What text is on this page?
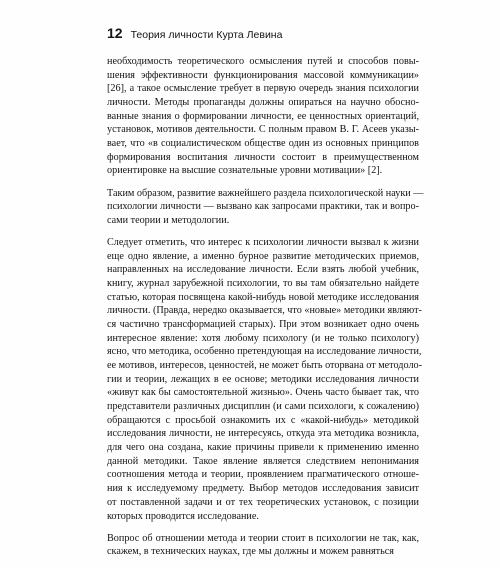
12 Теория личности Курта Левина
необходимость теоретического осмысления путей и способов повы-
шения эффективности функционирования массовой коммуникации»
[26], а такое осмысление требует в первую очередь знания психологии
личности. Методы пропаганды должны опираться на научно обосно-
ванные знания о формировании личности, ее ценностных ориентаций,
установок, мотивов деятельности. С полным правом В. Г. Асеев указы-
вает, что «в социалистическом обществе один из основных принципов
формирования воспитания личности состоит в преимущественном
ориентировке на высшие сознательные уровни мотивации» [2].
Таким образом, развитие важнейшего раздела психологической науки —
психологии личности — вызвано как запросами практики, так и вопро-
сами теории и методологии.
Следует отметить, что интерес к психологии личности вызвал к жизни
еще одно явление, а именно бурное развитие методических приемов,
направленных на исследование личности. Если взять любой учебник,
книгу, журнал зарубежной психологии, то вы там обязательно найдете
статью, которая посвящена какой-нибудь новой методике исследования
личности. (Правда, нередко оказывается, что «новые» методики являют-
ся частично трансформацией старых). При этом возникает одно очень
интересное явление: хотя любому психологу (и не только психологу)
ясно, что методика, особенно претендующая на исследование личности,
ее мотивов, интересов, ценностей, не может быть оторвана от методоло-
гии и теории, лежащих в ее основе; методики исследования личности
«живут как бы самостоятельной жизнью». Очень часто бывает так, что
представители различных дисциплин (и сами психологи, к сожалению)
обращаются с просьбой ознакомить их с «какой-нибудь» методикой
исследования личности, не интересуясь, откуда эта методика возникла,
для чего она создана, какие причины привели к применению именно
данной методики. Такое явление является следствием непонимания
соотношения метода и теории, проявлением прагматического отноше-
ния к исследуемому предмету. Выбор методов исследования зависит
от поставленной задачи и от тех теоретических установок, с позиции
которых проводится исследование.
Вопрос об отношении метода и теории стоит в психологии не так, как,
скажем, в технических науках, где мы должны и можем равняться
